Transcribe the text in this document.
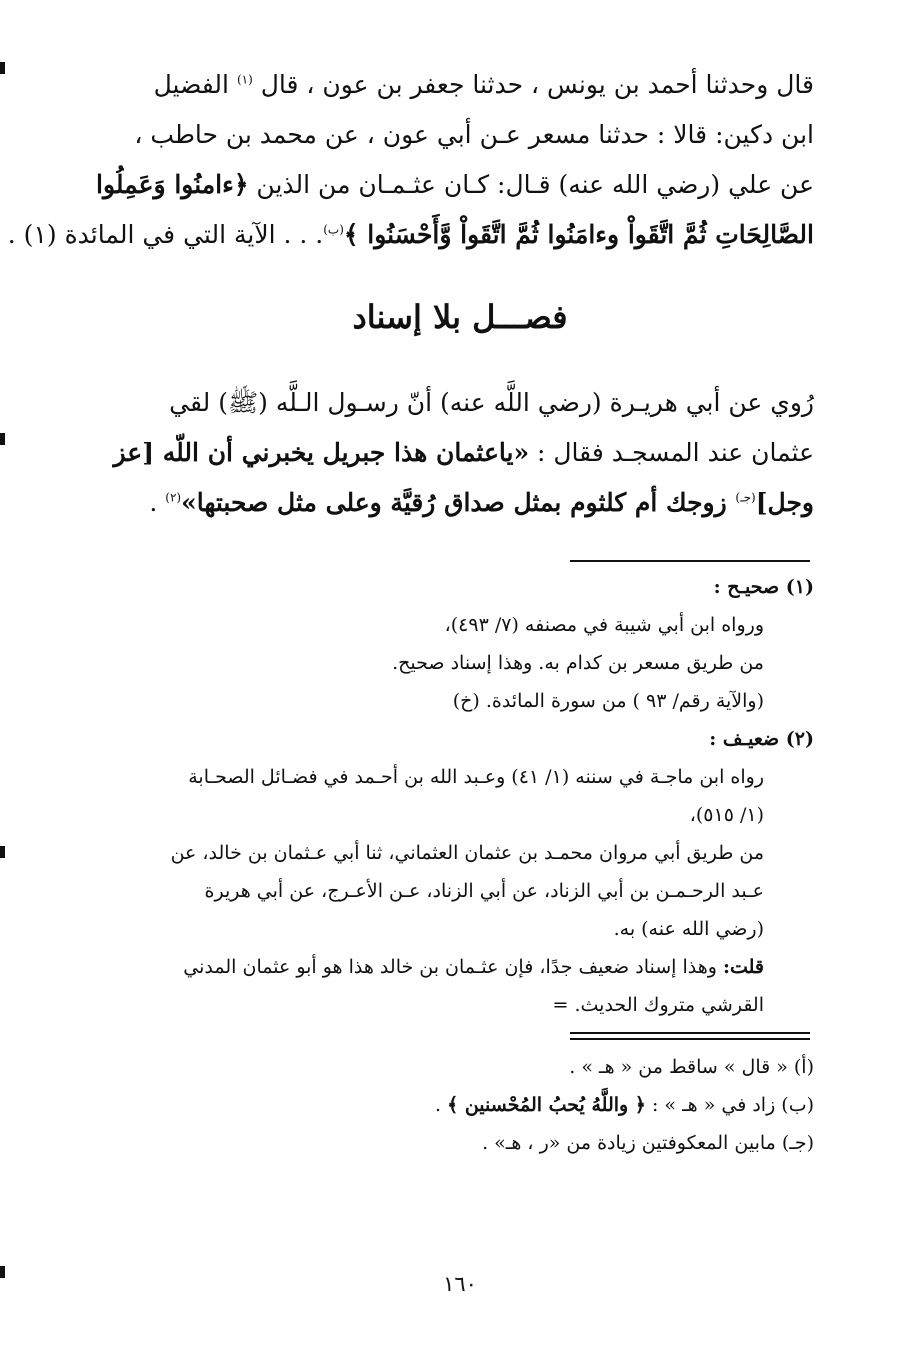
قال وحدثنا أحمد بن يونس ، حدثنا جعفر بن عون ، قال $^{(١)}$ الفضيل
ابن دكين: قالا : حدثنا مسعر عـن أبي عون ، عن محمد بن حاطب ،
عن علي (رضي الله عنه) قـال: كـان عثـمـان من الذين ﴿ءامنُوا وَعَمِلُوا
الصَّالِحَاتِ ثُمَّ اتَّقَواْ وءامَنُوا ثُمَّ اتَّقَواْ وَّأَحْسَنُوا ﴾$^{(ب)}$. . . الآية التي في المائدة (١) .
فصـــل بلا إسناد
رُوي عن أبي هريـرة (رضي اللَّه عنه) أنّ رسـول الـلَّه (ﷺ) لقي
عثمان عند المسجـد فقال : «ياعثمان هذا جبريل يخبرني أن اللّه [عز
وجل]$^{(جـ)}$ زوجك أم كلثوم بمثل صداق رُقيَّة وعلى مثل صحبتها»$^{(٢)}$ .
(١) صحيـح :
ورواه ابن أبي شيبة في مصنفه (٧/ ٤٩٣)،
من طريق مسعر بن كدام به. وهذا إسناد صحيح.
(والآية رقم/ ٩٣ ) من سورة المائدة. (خ)
(٢) ضعيـف :
رواه ابن ماجـة في سننه (١/ ٤١) وعـبد الله بن أحـمد في فضـائل الصحـابة
(١/ ٥١٥)،
من طريق أبي مروان محمـد بن عثمان العثماني، ثنا أبي عـثمان بن خالد، عن
عـبد الرحـمـن بن أبي الزناد، عن أبي الزناد، عـن الأعـرج، عن أبي هريرة
(رضي الله عنه) به.
قلت: وهذا إسناد ضعيف جدًا، فإن عثـمان بن خالد هذا هو أبو عثمان المدني
القرشي متروك الحديث. =
(أ) « قال » ساقط من « هـ » .
(ب) زاد في « هـ » : ﴿ واللَّهُ يُحبُ المُحْسنين ﴾ .
(جـ) مابين المعكوفتين زيادة من «ر ، هـ» .
١٦٠
